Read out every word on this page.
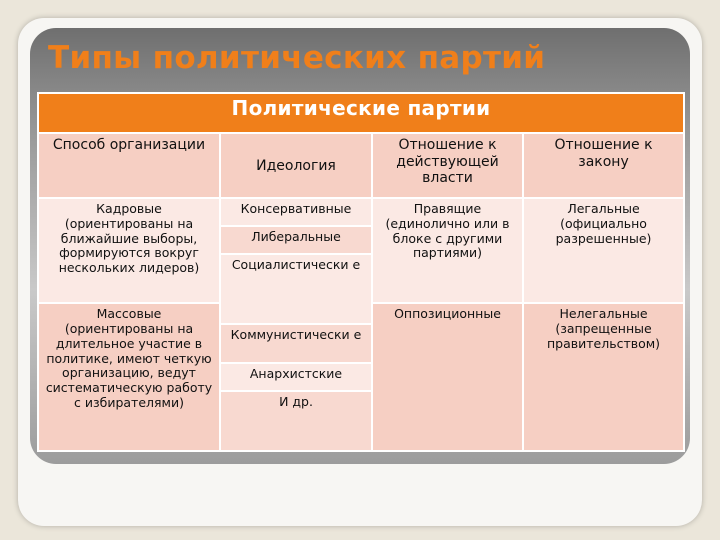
Типы политических партий
Политические партии			
Способ организации	Идеология	Отношение к действующей власти	Отношение к закону
Кадровые (ориентированы на ближайшие выборы, формируются вокруг нескольких лидеров)	Консервативные	Правящие (единолично или в блоке с другими партиями)	Легальные (официально разрешенные)
	Либеральные		
	Социалистически е		
Массовые (ориентированы на длительное участие в политике, имеют четкую организацию, ведут систематическую работу с избирателями)		Оппозиционные	Нелегальные (запрещенные правительством)
	Коммунистически е		
	Анархистские		
	И др.		
